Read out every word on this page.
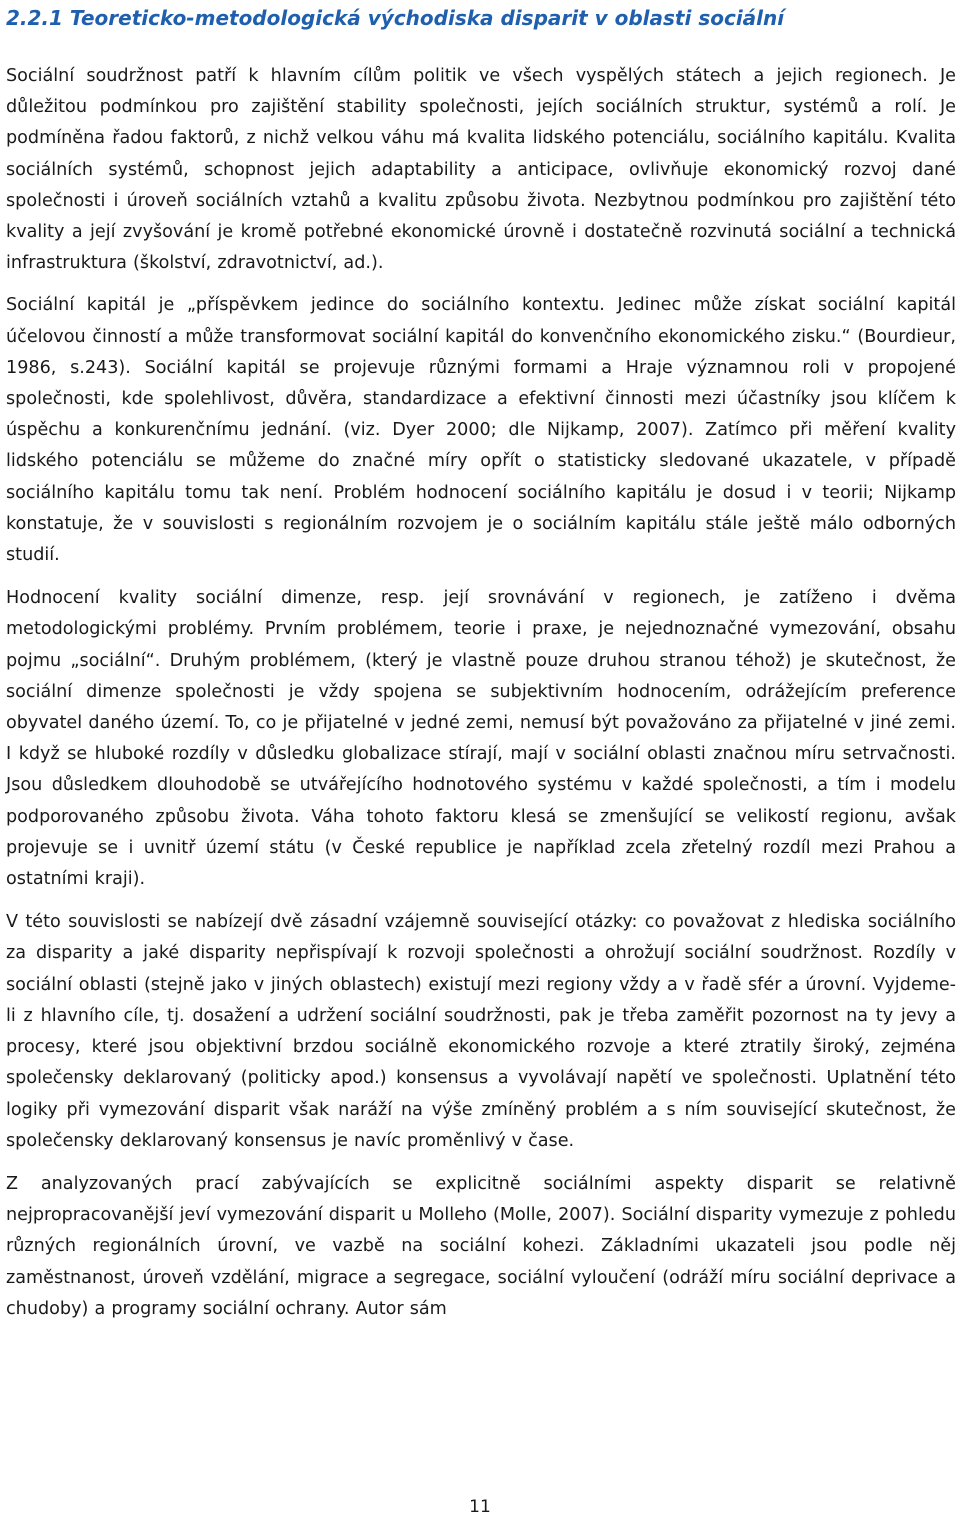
2.2.1 Teoreticko-metodologická východiska disparit v oblasti sociální

Sociální soudržnost patří k hlavním cílům politik ve všech vyspělých státech a jejich regionech. Je důležitou podmínkou pro zajištění stability společnosti, jejích sociálních struktur, systémů a rolí. Je podmíněna řadou faktorů, z nichž velkou váhu má kvalita lidského potenciálu, sociálního kapitálu. Kvalita sociálních systémů, schopnost jejich adaptability a anticipace, ovlivňuje ekonomický rozvoj dané společnosti i úroveň sociálních vztahů a kvalitu způsobu života. Nezbytnou podmínkou pro zajištění této kvality a její zvyšování je kromě potřebné ekonomické úrovně i dostatečně rozvinutá sociální a technická infrastruktura (školství, zdravotnictví, ad.).

Sociální kapitál je „příspěvkem jedince do sociálního kontextu. Jedinec může získat sociální kapitál účelovou činností a může transformovat sociální kapitál do konvenčního ekonomického zisku.“ (Bourdieur, 1986, s.243). Sociální kapitál se projevuje různými formami a Hraje významnou roli v propojené společnosti, kde spolehlivost, důvěra, standardizace a efektivní činnosti mezi účastníky jsou klíčem k úspěchu a konkurenčnímu jednání. (viz. Dyer 2000; dle Nijkamp, 2007). Zatímco při měření kvality lidského potenciálu se můžeme do značné míry opřít o statisticky sledované ukazatele, v případě sociálního kapitálu tomu tak není. Problém hodnocení sociálního kapitálu je dosud i v teorii; Nijkamp konstatuje, že v souvislosti s regionálním rozvojem je o sociálním kapitálu stále ještě málo odborných studií.

Hodnocení kvality sociální dimenze, resp. její srovnávání v regionech, je zatíženo i dvěma metodologickými problémy. Prvním problémem, teorie i praxe, je nejednoznačné vymezování, obsahu pojmu „sociální“. Druhým problémem, (který je vlastně pouze druhou stranou téhož) je skutečnost, že sociální dimenze společnosti je vždy spojena se subjektivním hodnocením, odrážejícím preference obyvatel daného území. To, co je přijatelné v jedné zemi, nemusí být považováno za přijatelné v jiné zemi. I když se hluboké rozdíly v důsledku globalizace stírají, mají v sociální oblasti značnou míru setrvačnosti. Jsou důsledkem dlouhodobě se utvářejícího hodnotového systému v každé společnosti, a tím i modelu podporovaného způsobu života. Váha tohoto faktoru klesá se zmenšující se velikostí regionu, avšak projevuje se i uvnitř území státu (v České republice je například zcela zřetelný rozdíl mezi Prahou a ostatními kraji).

V této souvislosti se nabízejí dvě zásadní vzájemně související otázky: co považovat z hlediska sociálního za disparity a jaké disparity nepřispívají k rozvoji společnosti a ohrožují sociální soudržnost. Rozdíly v sociální oblasti (stejně jako v jiných oblastech) existují mezi regiony vždy a v řadě sfér a úrovní. Vyjdeme-li z hlavního cíle, tj. dosažení a udržení sociální soudržnosti, pak je třeba zaměřit pozornost na ty jevy a procesy, které jsou objektivní brzdou sociálně ekonomického rozvoje a které ztratily široký, zejména společensky deklarovaný (politicky apod.) konsensus a vyvolávají napětí ve společnosti. Uplatnění této logiky při vymezování disparit však naráží na výše zmíněný problém a s ním související skutečnost, že společensky deklarovaný konsensus je navíc proměnlivý v čase.

Z analyzovaných prací zabývajících se explicitně sociálními aspekty disparit se relativně nejpropracovanější jeví vymezování disparit u Molleho (Molle, 2007). Sociální disparity vymezuje z pohledu různých regionálních úrovní, ve vazbě na sociální kohezi. Základními ukazateli jsou podle něj zaměstnanost, úroveň vzdělání, migrace a segregace, sociální vyloučení (odráží míru sociální deprivace a chudoby) a programy sociální ochrany. Autor sám

11
